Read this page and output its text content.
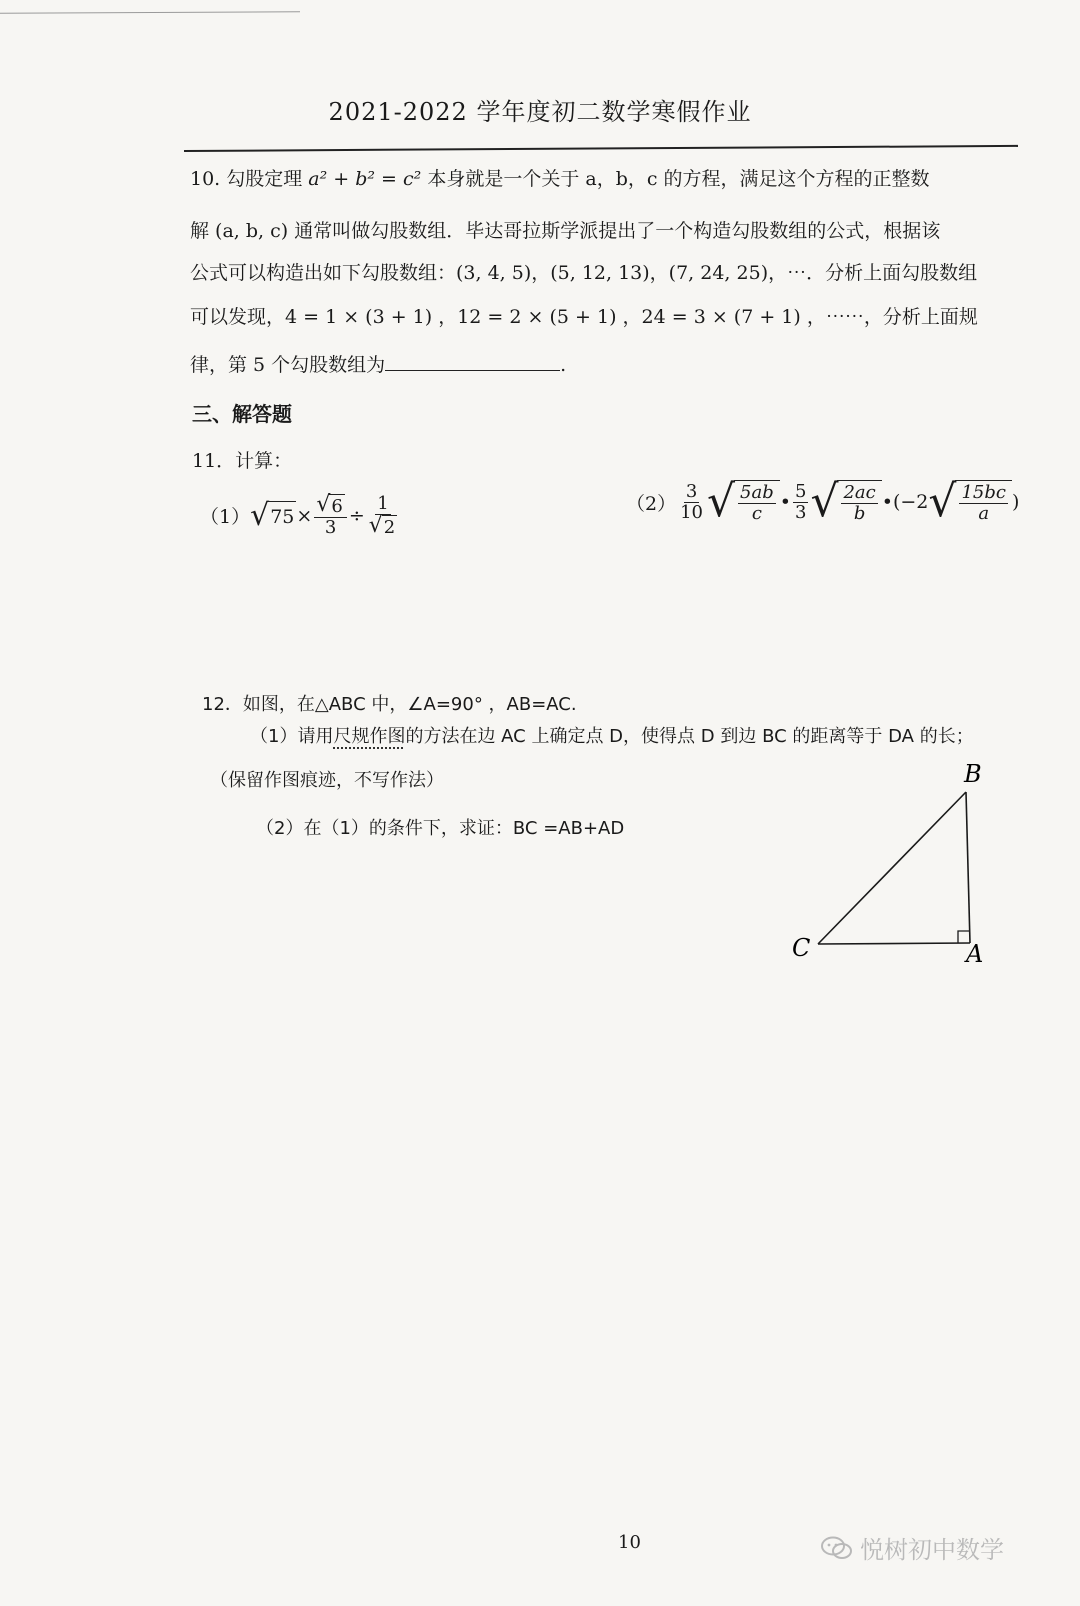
2021-2022 学年度初二数学寒假作业
10. 勾股定理 a² + b² = c² 本身就是一个关于 a，b，c 的方程，满足这个方程的正整数
解 (a, b, c) 通常叫做勾股数组．毕达哥拉斯学派提出了一个构造勾股数组的公式，根据该
公式可以构造出如下勾股数组：(3, 4, 5)，(5, 12, 13)，(7, 24, 25)，⋯．分析上面勾股数组
可以发现，4 = 1 × (3 + 1) ，12 = 2 × (5 + 1) ，24 = 3 × (7 + 1) ，⋯⋯，分析上面规
律，第 5 个勾股数组为	.
三、解答题
11．计算：
（1） √ $75 \times \frac{√ 6}{3} \div \frac{1}{√ 2}$	$(2) \frac{3}{10}$ √ $\frac{5ab}{c}$ • $\frac{5}{3}$ √ $\frac{2ac}{b}$ • (−2 √ $\frac{15bc}{a}$ )
12．如图，在△ABC 中，∠A=90° ，AB=AC.
（1）请用尺规作图的方法在边 AC 上确定点 D，使得点 D 到边 BC 的距离等于 DA 的长；
（保留作图痕迹，不写作法）
（2）在（1）的条件下，求证：BC =AB+AD
B
C	A
10	悦树初中数学
